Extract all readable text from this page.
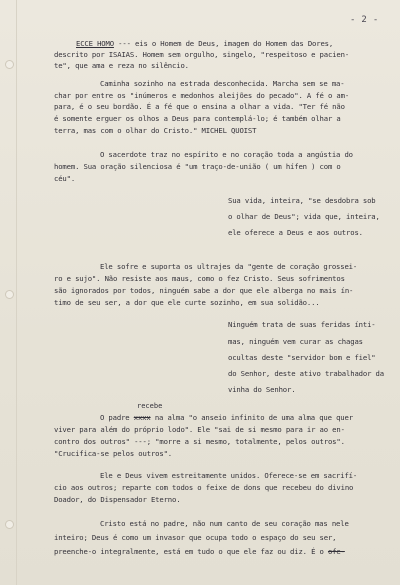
- 2 -
ECCE HOMO --- eis o Homem de Deus, imagem do Homem das Dores,
descrito por ISAIAS. Homem sem orgulho, singelo, "respeitoso e pacien-
te", que ama e reza no silêncio.
Caminha sozinho na estrada desconhecida. Marcha sem se ma-
char por entre os "inúmeros e medonhos aleijões do pecado". A fé o am-
para, é o seu bordão. É a fé que o ensina a olhar a vida. "Ter fé não
é somente erguer os olhos a Deus para contemplá-lo; é também olhar a
terra, mas com o olhar do Cristo." MICHEL QUOIST
O sacerdote traz no espírito e no coração toda a angústia do
homem. Sua oração silenciosa é "um traço-de-união ( um hífen ) com o
céu".
Sua vida, inteira, "se desdobra sob
o olhar de Deus"; vida que, inteira,
ele oferece a Deus e aos outros.
Ele sofre e suporta os ultrajes da "gente de coração grossei-
ro e sujo". Não resiste aos maus, como o fez Cristo. Seus sofrimentos
são ignorados por todos, ninguém sabe a dor que ele alberga no mais ín-
timo de seu ser, a dor que ele curte sozinho, em sua solidão...
Ninguém trata de suas feridas ínti-
mas, ninguém vem curar as chagas
ocultas deste "servidor bom e fiel"
do Senhor, deste ativo trabalhador da
vinha do Senhor.
recebe
O padre xxxx na alma "o anseio infinito de uma alma que quer
viver para além do próprio lodo". Ele "sai de si mesmo para ir ao en-
contro dos outros" ---; "morre a si mesmo, totalmente, pelos outros".
"Crucifica-se pelos outros".
Ele e Deus vivem estreitamente unidos. Oferece-se em sacrifí-
cio aos outros; reparte com todos o feixe de dons que recebeu do divino
Doador, do Dispensador Eterno.
Cristo está no padre, não num canto de seu coração mas nele
inteiro; Deus é como um invasor que ocupa todo o espaço do seu ser,
preenche-o integralmente, está em tudo o que ele faz ou diz. É o ofe-
